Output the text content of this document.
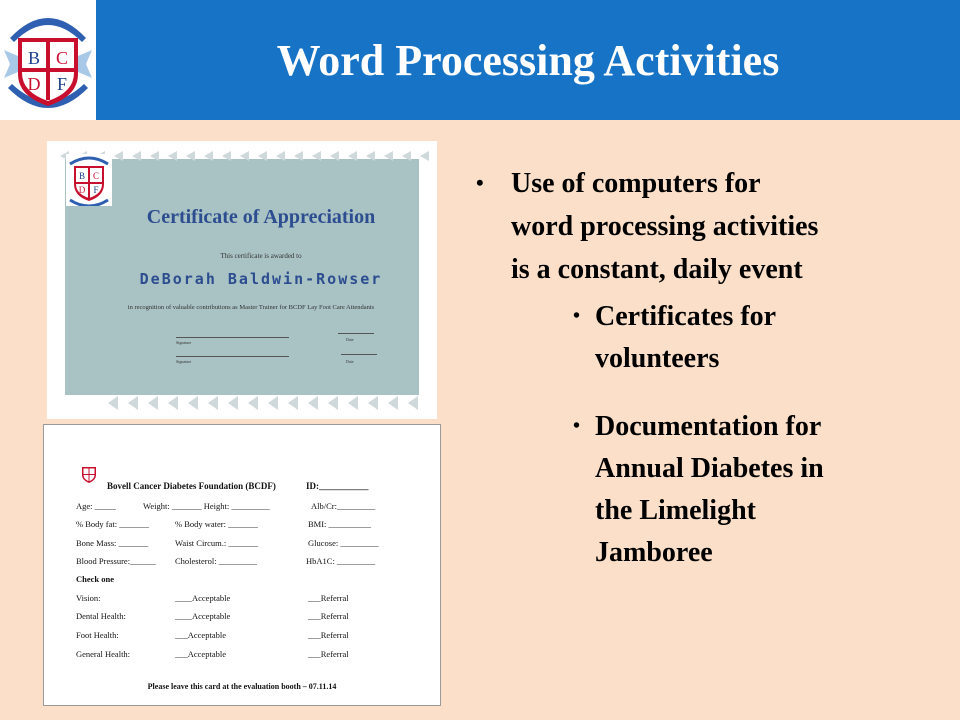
B C
D F
BOVELL CANCER
DIABETES FOUNDATION
Word Processing Activities
B C
D F
Certificate of Appreciation
This certificate is awarded to
DeBorah Baldwin-Rowser
in recognition of valuable contributions as Master Trainer for BCDF Lay Foot Care Attendants
Signature
Date
Signature	Date
Bovell Cancer Diabetes Foundation (BCDF)	ID:___________
Age: _____	Weight: _______ Height: _________	Alb/Cr:_________
% Body fat: _______	% Body water: _______	BMI: __________
Bone Mass: _______	Waist Circum.: _______	Glucose: _________
Blood Pressure:______ Cholesterol: _________	HbA1C: _________
Check one
Vision:	____Acceptable	___Referral
Dental Health:	____Acceptable	___Referral
Foot Health:	___Acceptable	___Referral
General Health:	___Acceptable	___Referral
Please leave this card at the evaluation booth – 07.11.14
• Use of computers for
word processing activities
is a constant, daily event
• Certificates for
volunteers
• Documentation for
Annual Diabetes in
the Limelight
Jamboree
